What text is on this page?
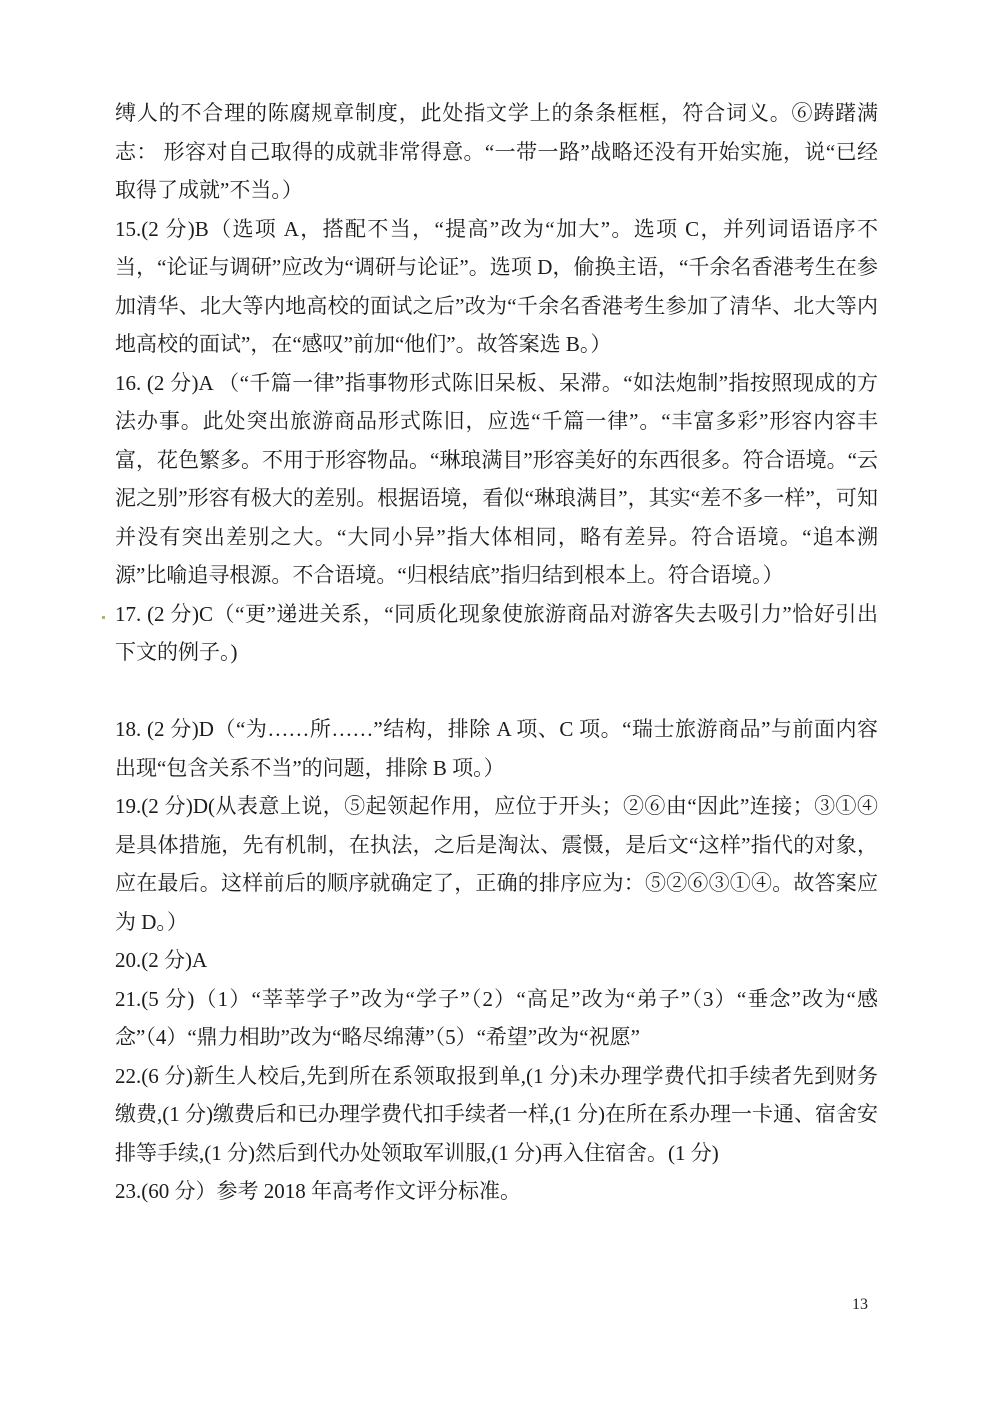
缚人的不合理的陈腐规章制度，此处指文学上的条条框框，符合词义。⑥踌躇满志： 形容对自己取得的成就非常得意。“一带一路”战略还没有开始实施，说“已经取得了成就”不当。）

15.(2 分)B（选项 A，搭配不当，“提高”改为“加大”。选项 C，并列词语语序不当，“论证与调研”应改为“调研与论证”。选项 D，偷换主语，“千余名香港考生在参加清华、北大等内地高校的面试之后”改为“千余名香港考生参加了清华、北大等内地高校的面试”，在“感叹”前加“他们”。故答案选 B。）

16. (2 分)A （“千篇一律”指事物形式陈旧呆板、呆滞。“如法炮制”指按照现成的方法办事。此处突出旅游商品形式陈旧，应选“千篇一律”。“丰富多彩”形容内容丰富，花色繁多。不用于形容物品。“琳琅满目”形容美好的东西很多。符合语境。“云泥之别”形容有极大的差别。根据语境，看似“琳琅满目”，其实“差不多一样”，可知并没有突出差别之大。“大同小异”指大体相同，略有差异。符合语境。“追本溯源”比喻追寻根源。不合语境。“归根结底”指归结到根本上。符合语境。）

17. (2 分)C（“更”递进关系，“同质化现象使旅游商品对游客失去吸引力”恰好引出下文的例子。)

18. (2 分)D（“为……所……”结构，排除 A 项、C 项。“瑞士旅游商品”与前面内容出现“包含关系不当”的问题，排除 B 项。）

19.(2 分)D(从表意上说，⑤起领起作用，应位于开头；②⑥由“因此”连接；③①④是具体措施，先有机制，在执法，之后是淘汰、震慑，是后文“这样”指代的对象，应在最后。这样前后的顺序就确定了，正确的排序应为：⑤②⑥③①④。故答案应为 D。）

20.(2 分)A

21.(5 分)（1）“莘莘学子”改为“学子”（2）“高足”改为“弟子”（3）“垂念”改为“感念”（4）“鼎力相助”改为“略尽绵薄”（5）“希望”改为“祝愿”

22.(6 分)新生人校后,先到所在系领取报到单,(1 分)未办理学费代扣手续者先到财务缴费,(1 分)缴费后和已办理学费代扣手续者一样,(1 分)在所在系办理一卡通、宿舍安排等手续,(1 分)然后到代办处领取军训服,(1 分)再入住宿舍。(1 分)

23.(60 分）参考 2018 年高考作文评分标准。

13
